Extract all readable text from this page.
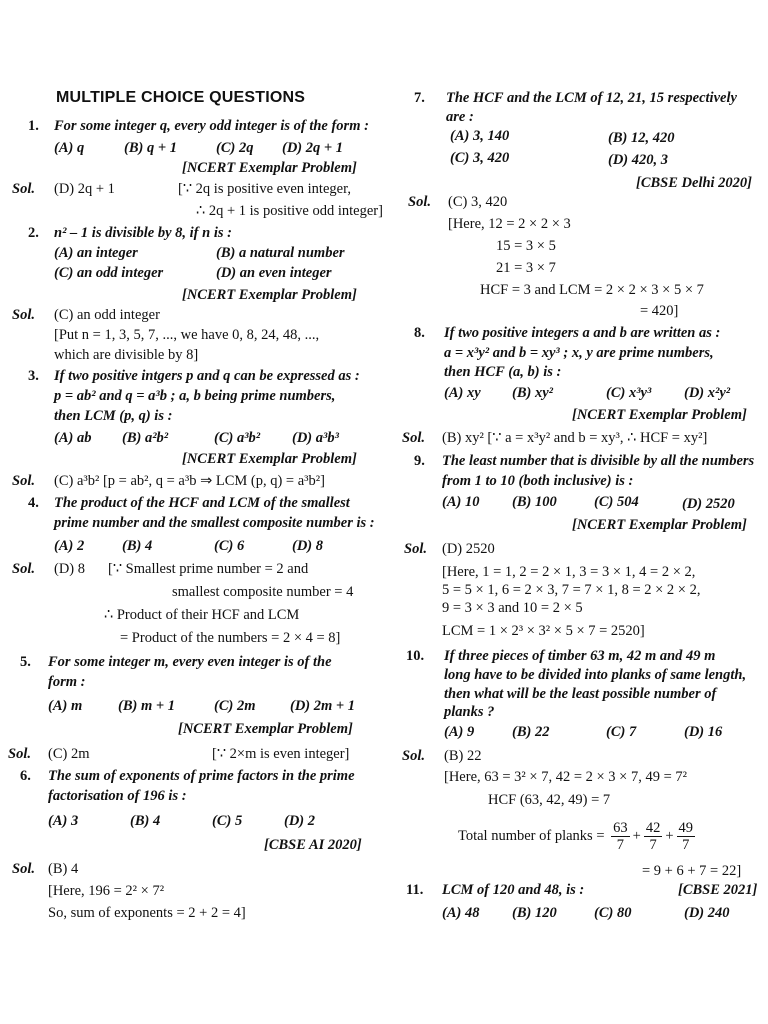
MULTIPLE CHOICE QUESTIONS
1. For some integer q, every odd integer is of the form :
(A) q	(B) q + 1	(C) 2q (D) 2q + 1
[NCERT Exemplar Problem]
Sol. (D) 2q + 1	[∵ 2q is positive even integer,
∴ 2q + 1 is positive odd integer]
2. n² – 1 is divisible by 8, if n is :
(A) an integer	(B) a natural number
(C) an odd integer	(D) an even integer
[NCERT Exemplar Problem]
Sol. (C) an odd integer
[Put n = 1, 3, 5, 7, ..., we have 0, 8, 24, 48, ...,
which are divisible by 8]
3. If two positive intgers p and q can be expressed as :
p = ab² and q = a³b ; a, b being prime numbers,
then LCM (p, q) is :
(A) ab (B) a²b²	(C) a³b² (D) a³b³
[NCERT Exemplar Problem]
Sol. (C) a³b² [p = ab², q = a³b ⇒ LCM (p, q) = a³b²]
4. The product of the HCF and LCM of the smallest
prime number and the smallest composite number is :
(A) 2	(B) 4	(C) 6	(D) 8
Sol. (D) 8 [∵ Smallest prime number = 2 and
smallest composite number = 4
∴ Product of their HCF and LCM
= Product of the numbers = 2 × 4 = 8]
5. For some integer m, every even integer is of the
form :
(A) m (B) m + 1	(C) 2m (D) 2m + 1
[NCERT Exemplar Problem]
Sol. (C) 2m	[∵ 2×m is even integer]
6. The sum of exponents of prime factors in the prime
factorisation of 196 is :
(A) 3	(B) 4	(C) 5	(D) 2
[CBSE AI 2020]
Sol. (B) 4
[Here, 196 = 2² × 7²
So, sum of exponents = 2 + 2 = 4]
7. The HCF and the LCM of 12, 21, 15 respectively
are :
(A) 3, 140	(B) 12, 420
(C) 3, 420	(D) 420, 3
[CBSE Delhi 2020]
Sol. (C) 3, 420
[Here, 12 = 2 × 2 × 3
15 = 3 × 5
21 = 3 × 7
HCF = 3 and LCM = 2 × 2 × 3 × 5 × 7
= 420]
8. If two positive integers a and b are written as :
a = x³y² and b = xy³ ; x, y are prime numbers,
then HCF (a, b) is :
(A) xy (B) xy²	(C) x³y³ (D) x²y²
[NCERT Exemplar Problem]
Sol. (B) xy² [∵ a = x³y² and b = xy³, ∴ HCF = xy²]
9. The least number that is divisible by all the numbers
from 1 to 10 (both inclusive) is :
(A) 10 (B) 100	(C) 504	(D) 2520
[NCERT Exemplar Problem]
Sol. (D) 2520
[Here, 1 = 1, 2 = 2 × 1, 3 = 3 × 1, 4 = 2 × 2,
5 = 5 × 1, 6 = 2 × 3, 7 = 7 × 1, 8 = 2 × 2 × 2,
9 = 3 × 3 and 10 = 2 × 5
LCM = 1 × 2³ × 3² × 5 × 7 = 2520]
10. If three pieces of timber 63 m, 42 m and 49 m
long have to be divided into planks of same length,
then what will be the least possible number of
planks ?
(A) 9	(B) 22	(C) 7	(D) 16
Sol. (B) 22
[Here, 63 = 3² × 7, 42 = 2 × 3 × 7, 49 = 7²
HCF (63, 42, 49) = 7
= 9 + 6 + 7 = 22]
11. LCM of 120 and 48, is :	[CBSE 2021]
(A) 48 (B) 120	(C) 80	(D) 240
Total number of planks = $\frac{63}{7} + \frac{42}{7} + \frac{49}{7}$
